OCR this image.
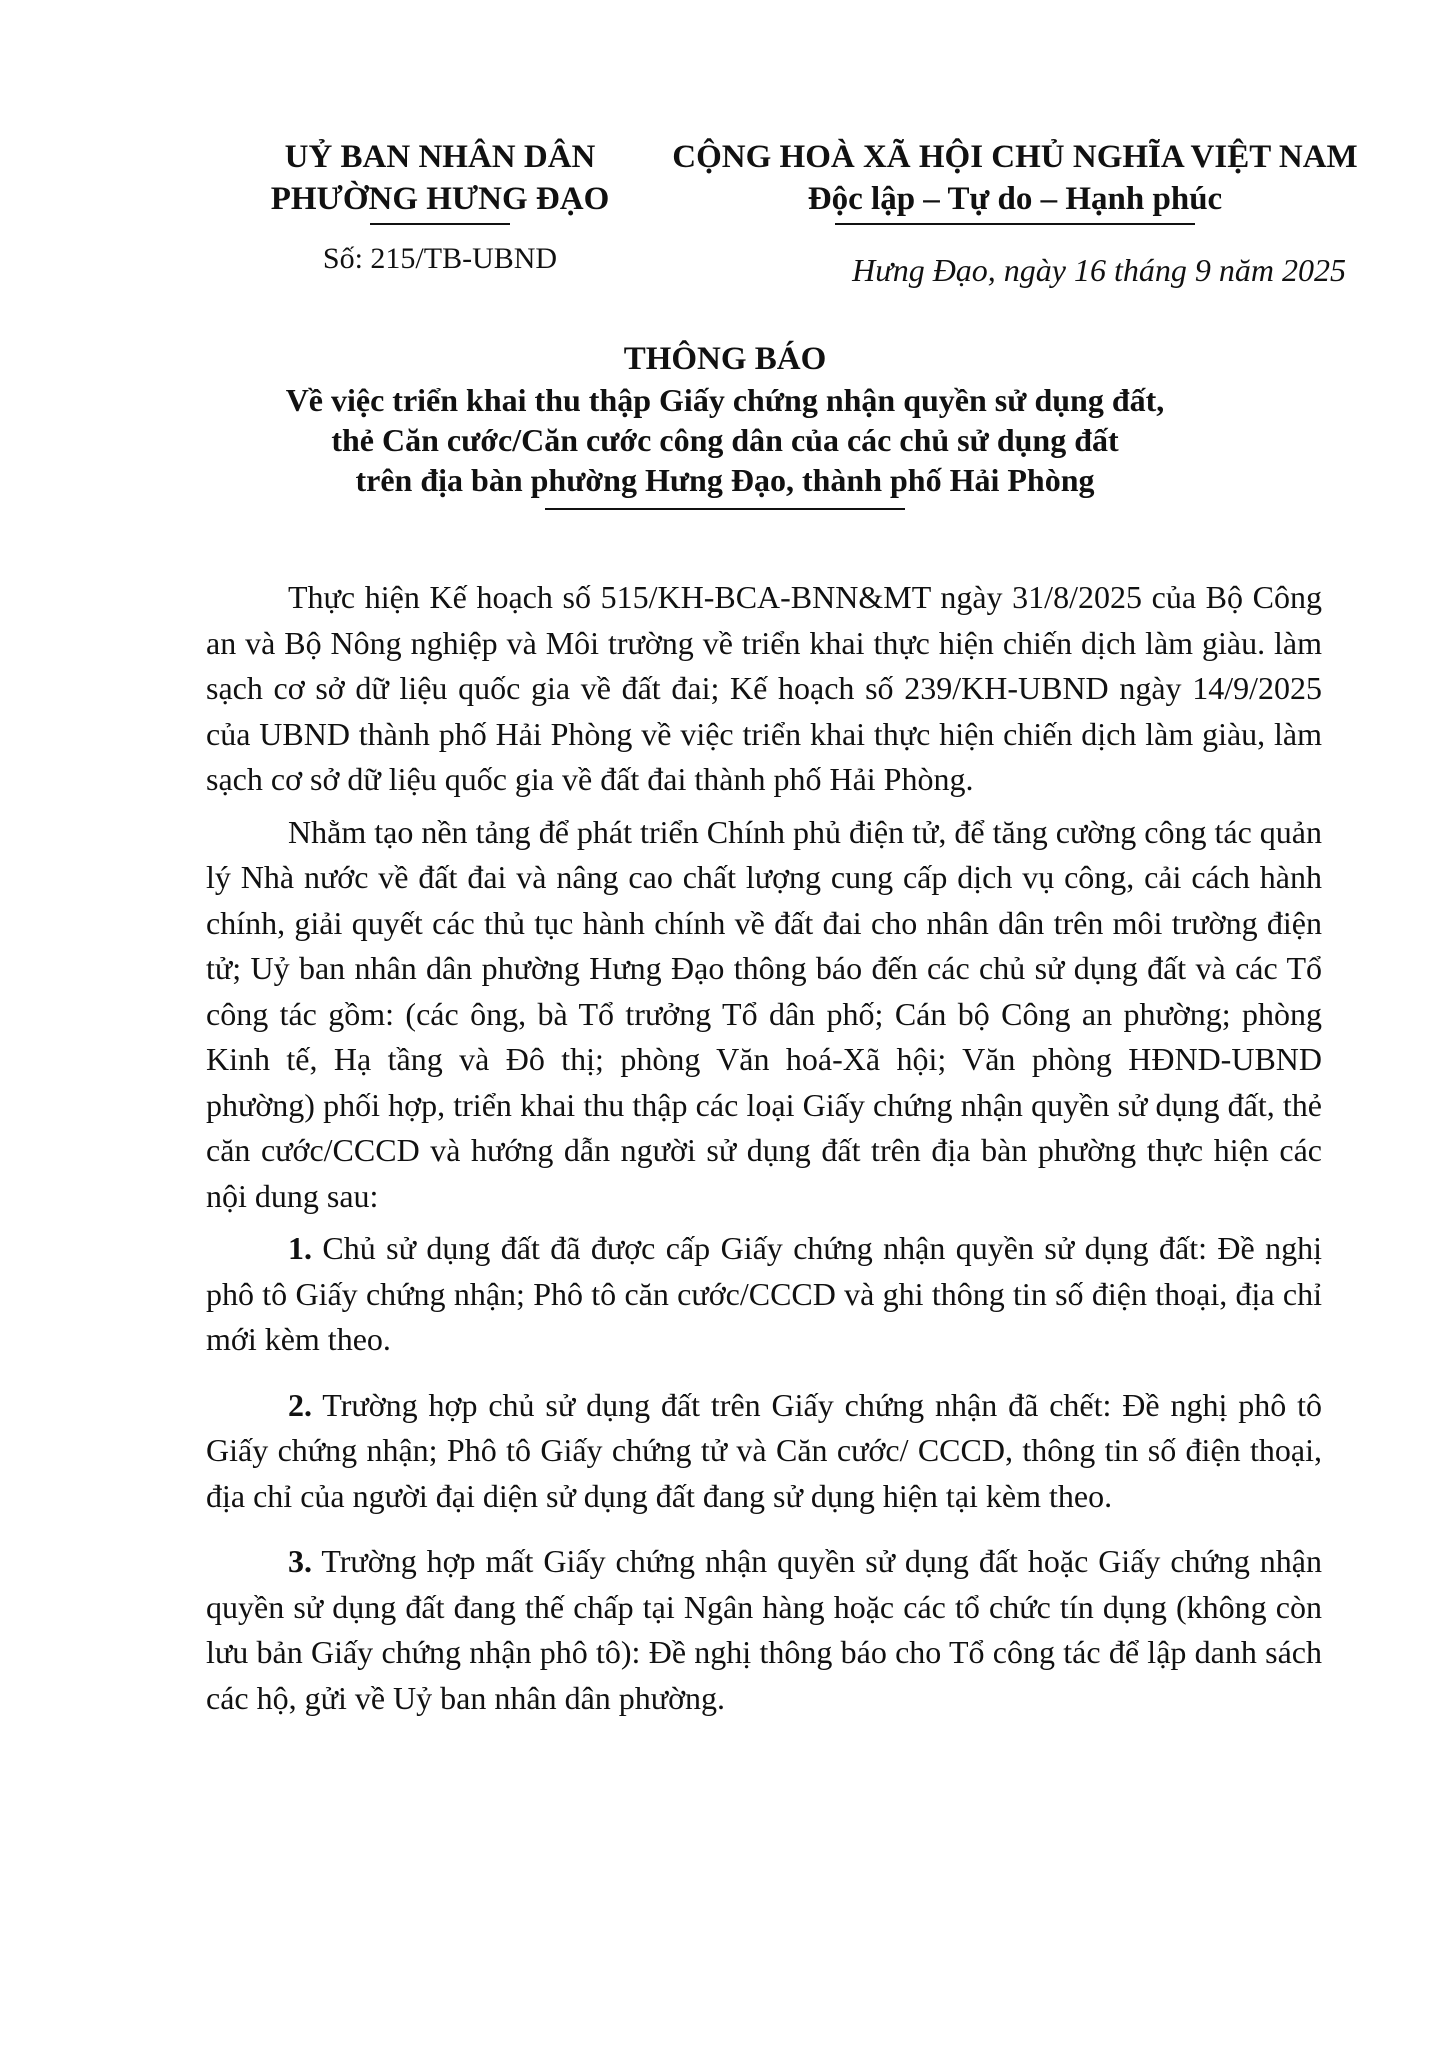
UỶ BAN NHÂN DÂN
PHƯỜNG HƯNG ĐẠO
CỘNG HOÀ XÃ HỘI CHỦ NGHĨA VIỆT NAM
Độc lập – Tự do – Hạnh phúc
Số: 215/TB-UBND	Hưng Đạo, ngày 16 tháng 9 năm 2025
THÔNG BÁO
Về việc triển khai thu thập Giấy chứng nhận quyền sử dụng đất,
thẻ Căn cước/Căn cước công dân của các chủ sử dụng đất
trên địa bàn phường Hưng Đạo, thành phố Hải Phòng

Thực hiện Kế hoạch số 515/KH-BCA-BNN&MT ngày 31/8/2025 của Bộ Công an và Bộ Nông nghiệp và Môi trường về triển khai thực hiện chiến dịch làm giàu. làm sạch cơ sở dữ liệu quốc gia về đất đai; Kế hoạch số 239/KH-UBND ngày 14/9/2025 của UBND thành phố Hải Phòng về việc triển khai thực hiện chiến dịch làm giàu, làm sạch cơ sở dữ liệu quốc gia về đất đai thành phố Hải Phòng.

Nhằm tạo nền tảng để phát triển Chính phủ điện tử, để tăng cường công tác quản lý Nhà nước về đất đai và nâng cao chất lượng cung cấp dịch vụ công, cải cách hành chính, giải quyết các thủ tục hành chính về đất đai cho nhân dân trên môi trường điện tử; Uỷ ban nhân dân phường Hưng Đạo thông báo đến các chủ sử dụng đất và các Tổ công tác gồm: (các ông, bà Tổ trưởng Tổ dân phố; Cán bộ Công an phường; phòng Kinh tế, Hạ tầng và Đô thị; phòng Văn hoá-Xã hội; Văn phòng HĐND-UBND phường) phối hợp, triển khai thu thập các loại Giấy chứng nhận quyền sử dụng đất, thẻ căn cước/CCCD và hướng dẫn người sử dụng đất trên địa bàn phường thực hiện các nội dung sau:

1. Chủ sử dụng đất đã được cấp Giấy chứng nhận quyền sử dụng đất: Đề nghị phô tô Giấy chứng nhận; Phô tô căn cước/CCCD và ghi thông tin số điện thoại, địa chỉ mới kèm theo.

2. Trường hợp chủ sử dụng đất trên Giấy chứng nhận đã chết: Đề nghị phô tô Giấy chứng nhận; Phô tô Giấy chứng tử và Căn cước/ CCCD, thông tin số điện thoại, địa chỉ của người đại diện sử dụng đất đang sử dụng hiện tại kèm theo.

3. Trường hợp mất Giấy chứng nhận quyền sử dụng đất hoặc Giấy chứng nhận quyền sử dụng đất đang thế chấp tại Ngân hàng hoặc các tổ chức tín dụng (không còn lưu bản Giấy chứng nhận phô tô): Đề nghị thông báo cho Tổ công tác để lập danh sách các hộ, gửi về Uỷ ban nhân dân phường.
